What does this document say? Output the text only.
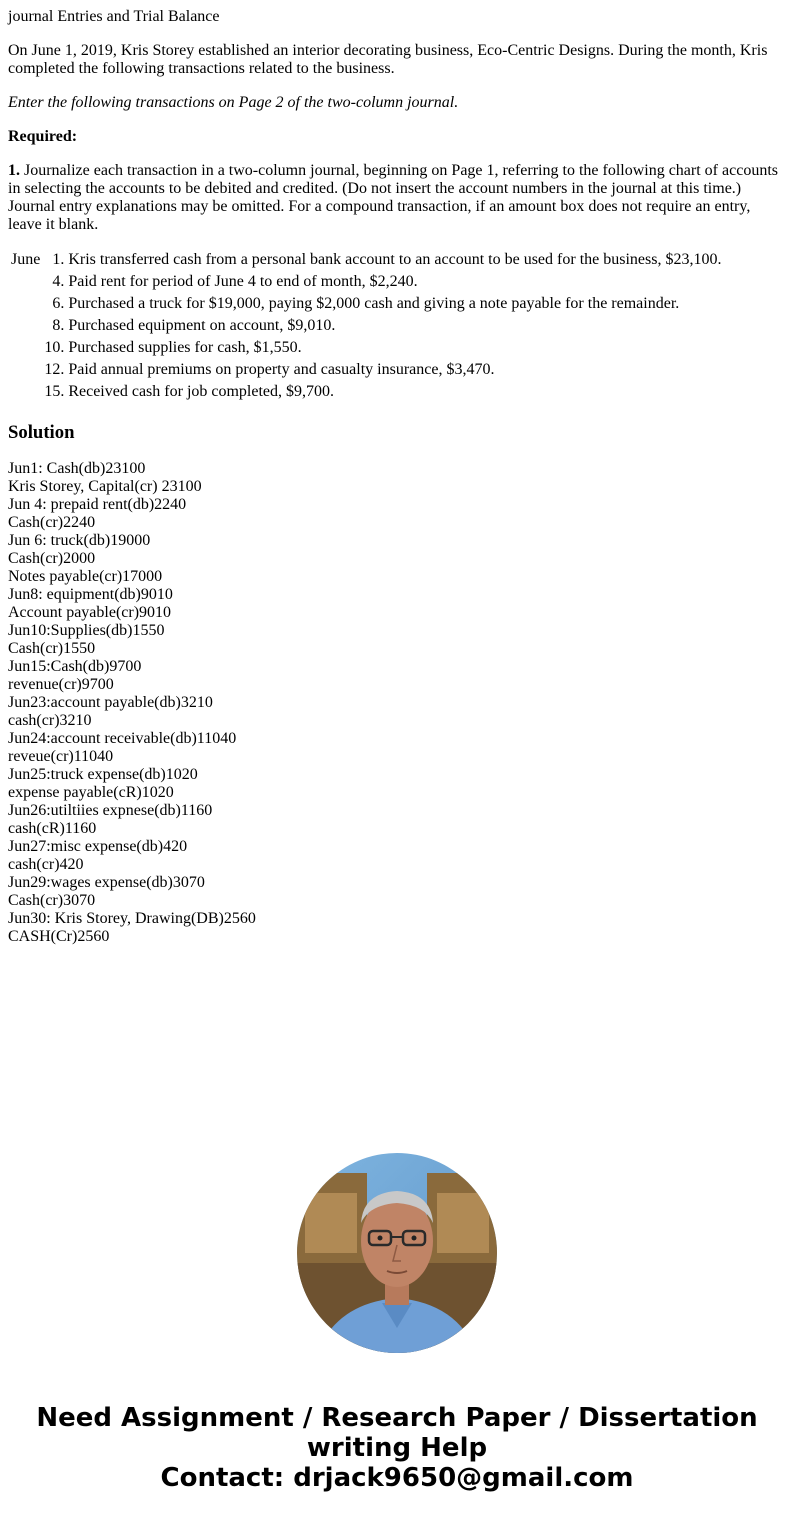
journal Entries and Trial Balance

On June 1, 2019, Kris Storey established an interior decorating business, Eco-Centric Designs. During the month, Kris completed the following transactions related to the business.

Enter the following transactions on Page 2 of the two-column journal.

Required:

1. Journalize each transaction in a two-column journal, beginning on Page 1, referring to the following chart of accounts in selecting the accounts to be debited and credited. (Do not insert the account numbers in the journal at this time.) Journal entry explanations may be omitted. For a compound transaction, if an amount box does not require an entry, leave it blank.

June	1.	Kris transferred cash from a personal bank account to an account to be used for the business, $23,100.
	4.	Paid rent for period of June 4 to end of month, $2,240.
	6.	Purchased a truck for $19,000, paying $2,000 cash and giving a note payable for the remainder.
	8.	Purchased equipment on account, $9,010.
	10.	Purchased supplies for cash, $1,550.
	12.	Paid annual premiums on property and casualty insurance, $3,470.
	15.	Received cash for job completed, $9,700.
Solution
Jun1: Cash(db)23100
Kris Storey, Capital(cr) 23100
Jun 4: prepaid rent(db)2240
Cash(cr)2240
Jun 6: truck(db)19000
Cash(cr)2000
Notes payable(cr)17000
Jun8: equipment(db)9010
Account payable(cr)9010
Jun10:Supplies(db)1550
Cash(cr)1550
Jun15:Cash(db)9700
revenue(cr)9700
Jun23:account payable(db)3210
cash(cr)3210
Jun24:account receivable(db)11040
reveue(cr)11040
Jun25:truck expense(db)1020
expense payable(cR)1020
Jun26:utiltiies expnese(db)1160
cash(cR)1160
Jun27:misc expense(db)420
cash(cr)420
Jun29:wages expense(db)3070
Cash(cr)3070
Jun30: Kris Storey, Drawing(DB)2560
CASH(Cr)2560
Need Assignment / Research Paper / Dissertation
writing Help
Contact: drjack9650@gmail.com
